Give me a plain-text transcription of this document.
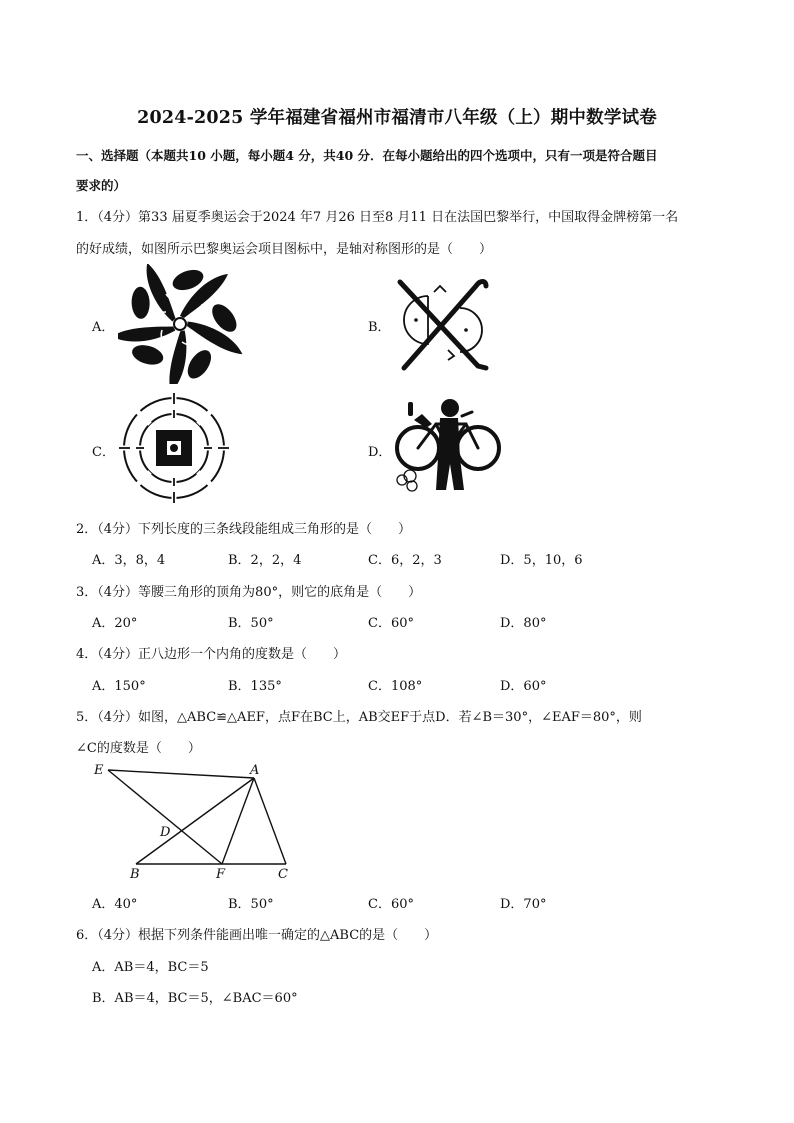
2024-2025 学年福建省福州市福清市八年级（上）期中数学试卷
一、选择题（本题共10 小题，每小题4 分，共40 分．在每小题给出的四个选项中，只有一项是符合题目
要求的）
1．（4分）第33 届夏季奥运会于2024 年7 月26 日至8 月11 日在法国巴黎举行，中国取得金牌榜第一名
的好成绩，如图所示巴黎奥运会项目图标中，是轴对称图形的是（　　）
A．	B．
C．	D．
2．（4分）下列长度的三条线段能组成三角形的是（　　）
A．3，8，4	B．2，2，4	C．6，2，3	D．5，10，6
3．（4分）等腰三角形的顶角为80°，则它的底角是（　　）
A．20°	B．50°	C．60°	D．80°
4．（4分）正八边形一个内角的度数是（　　）
A．150°	B．135°	C．108°	D．60°
5．（4分）如图，△ABC≌△AEF，点F在BC上，AB交EF于点D．若∠B＝30°，∠EAF＝80°，则
∠C的度数是（　　）
E	A
D
B	F	C
A．40°	B．50°	C．60°	D．70°
6．（4分）根据下列条件能画出唯一确定的△ABC的是（　　）
A．AB＝4，BC＝5
B．AB＝4，BC＝5，∠BAC＝60°
